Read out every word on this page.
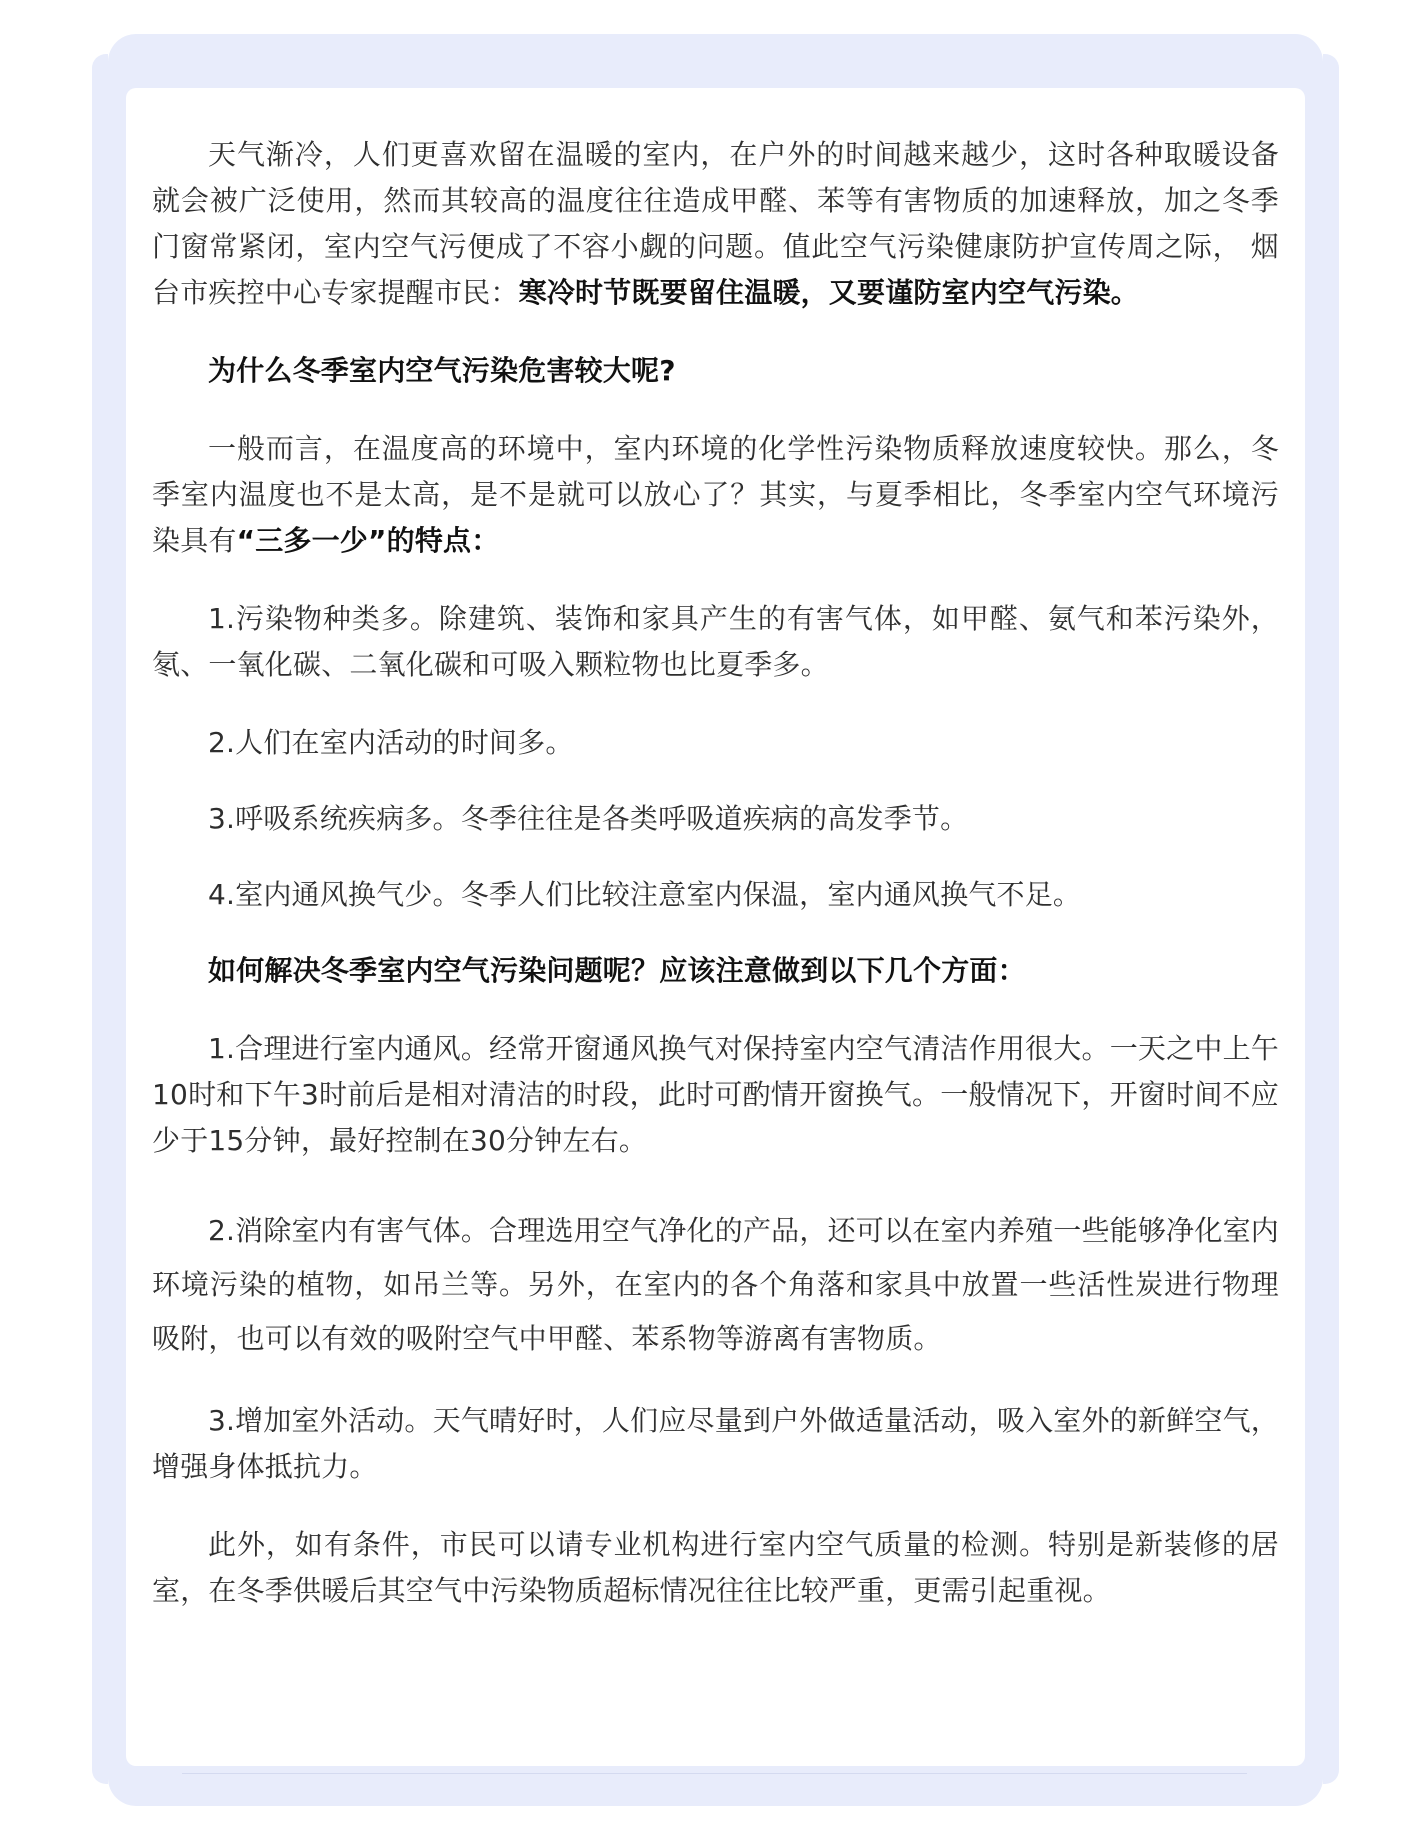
天气渐冷，人们更喜欢留在温暖的室内，在户外的时间越来越少，这时各种取暖设备就会被广泛使用，然而其较高的温度往往造成甲醛、苯等有害物质的加速释放，加之冬季门窗常紧闭，室内空气污便成了不容小觑的问题。值此空气污染健康防护宣传周之际， 烟台市疾控中心专家提醒市民：寒冷时节既要留住温暖，又要谨防室内空气污染。

为什么冬季室内空气污染危害较大呢?

一般而言，在温度高的环境中，室内环境的化学性污染物质释放速度较快。那么，冬季室内温度也不是太高，是不是就可以放心了？其实，与夏季相比，冬季室内空气环境污染具有“三多一少”的特点：

1.污染物种类多。除建筑、装饰和家具产生的有害气体，如甲醛、氨气和苯污染外，氡、一氧化碳、二氧化碳和可吸入颗粒物也比夏季多。

2.人们在室内活动的时间多。

3.呼吸系统疾病多。冬季往往是各类呼吸道疾病的高发季节。

4.室内通风换气少。冬季人们比较注意室内保温，室内通风换气不足。

如何解决冬季室内空气污染问题呢？应该注意做到以下几个方面：

1.合理进行室内通风。经常开窗通风换气对保持室内空气清洁作用很大。一天之中上午10时和下午3时前后是相对清洁的时段，此时可酌情开窗换气。一般情况下，开窗时间不应少于15分钟，最好控制在30分钟左右。

2.消除室内有害气体。合理选用空气净化的产品，还可以在室内养殖一些能够净化室内环境污染的植物，如吊兰等。另外，在室内的各个角落和家具中放置一些活性炭进行物理吸附，也可以有效的吸附空气中甲醛、苯系物等游离有害物质。

3.增加室外活动。天气晴好时，人们应尽量到户外做适量活动，吸入室外的新鲜空气，增强身体抵抗力。

此外，如有条件，市民可以请专业机构进行室内空气质量的检测。特别是新装修的居室，在冬季供暖后其空气中污染物质超标情况往往比较严重，更需引起重视。
